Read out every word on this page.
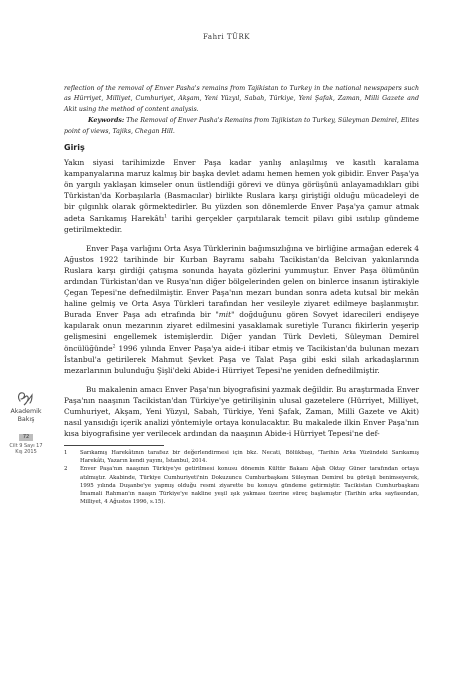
Fahri TÜRK

reflection of the removal of Enver Pasha's remains from Tajikistan to Turkey in the national newspapers such as Hürriyet, Milliyet, Cumhuriyet, Akşam, Yeni Yüzyıl, Sabah, Türkiye, Yeni Şafak, Zaman, Milli Gazete and Akit using the method of content analysis.

Keywords: The Removal of Enver Pasha's Remains from Tajikistan to Turkey, Süleyman Demirel, Elites point of views, Tajiks, Chegan Hill.

Giriş

Yakın siyasi tarihimizde Enver Paşa kadar yanlış anlaşılmış ve kasıtlı karalama kampanyalarına maruz kalmış bir başka devlet adamı hemen hemen yok gibidir. Enver Paşa'ya ön yargılı yaklaşan kimseler onun üstlendiği görevi ve dünya görüşünü anlayamadıkları gibi Türkistan'da Korbaşılarla (Basmacılar) birlikte Ruslara karşı giriştiği olduğu mücadeleyi de bir çılgınlık olarak görmektedirler. Bu yüzden son dönemlerde Enver Paşa'ya çamur atmak adeta Sarıkamış Harekâtı$^1$ tarihi gerçekler çarpıtılarak temcit pilavı gibi ısıtılıp gündeme getirilmektedir.

Enver Paşa varlığını Orta Asya Türklerinin bağımsızlığına ve birliğine armağan ederek 4 Ağustos 1922 tarihinde bir Kurban Bayramı sabahı Tacikistan'da Belcivan yakınlarında Ruslara karşı girdiği çatışma sonunda hayata gözlerini yummuştur. Enver Paşa ölümünün ardından Türkistan'dan ve Rusya'nın diğer bölgelerinden gelen on binlerce insanın iştirakiyle Çegan Tepesi'ne defnedilmiştir. Enver Paşa'nın mezarı bundan sonra adeta kutsal bir mekân haline gelmiş ve Orta Asya Türkleri tarafından her vesileyle ziyaret edilmeye başlanmıştır. Burada Enver Paşa adı etrafında bir "mit" doğduğunu gören Sovyet idarecileri endişeye kapılarak onun mezarının ziyaret edilmesini yasaklamak suretiyle Turancı fikirlerin yeşerip gelişmesini engellemek istemişlerdir. Diğer yandan Türk Devleti, Süleyman Demirel öncülüğünde$^2$ 1996 yılında Enver Paşa'ya aide-i itibar etmiş ve Tacikistan'da bulunan mezarı İstanbul'a getirilerek Mahmut Şevket Paşa ve Talat Paşa gibi eski silah arkadaşlarının mezarlarının bulunduğu Şişli'deki Abide-i Hürriyet Tepesi'ne yeniden defnedilmiştir.

Bu makalenin amacı Enver Paşa'nın biyografisini yazmak değildir. Bu araştırmada Enver Paşa'nın naaşının Tacikistan'dan Türkiye'ye getirilişinin ulusal gazetelere (Hürriyet, Milliyet, Cumhuriyet, Akşam, Yeni Yüzyıl, Sabah, Türkiye, Yeni Şafak, Zaman, Milli Gazete ve Akit) nasıl yansıdığı içerik analizi yöntemiyle ortaya konulacaktır. Bu makalede ilkin Enver Paşa'nın kısa biyografisine yer verilecek ardından da naaşının Abide-i Hürriyet Tepesi'ne def-

1	Sarıkamış Harekâtının tarafsız bir değerlendirmesi için bkz. Necati, Bölükbaşı, 'Tarihin Arka Yüzündeki Sarıkamış Harekâtı, Yazarın kendi yayını, İstanbul, 2014.
2	Enver Paşa'nın naaşının Türkiye'ye getirilmesi konusu dönemin Kültür Bakanı Ağah Oktay Güner tarafından ortaya atılmıştır. Akabinde, Türkiye Cumhuriyeti'nin Dokuzuncu Cumhurbaşkanı Süleyman Demirel bu görüşü benimseyerek, 1995 yılında Duşanbe'ye yapmış olduğu resmi ziyarette bu konuyu gündeme getirmiştir. Tacikistan Cumhurbaşkanı İmamali Rahman'ın naaşın Türkiye'ye nakline yeşil ışık yakması üzerine süreç başlamıştır (Tarihin arka sayfasından, Milliyet, 4 Ağustos 1996, s.15).
Akademik
Bakış
72
Cilt 9 Sayı 17
Kış 2015
